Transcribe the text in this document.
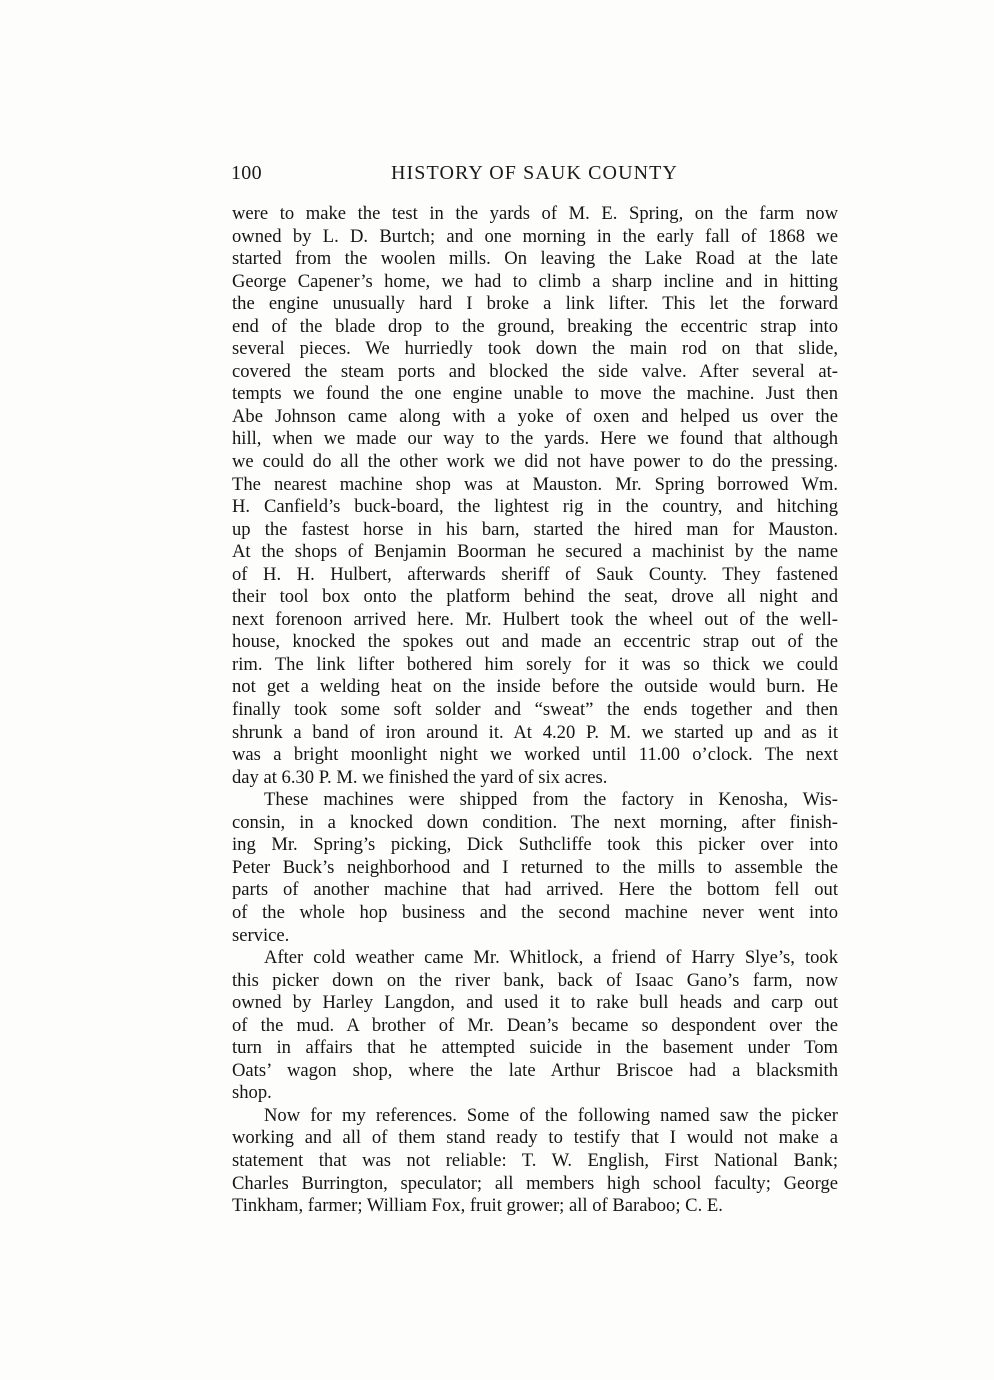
100	HISTORY OF SAUK COUNTY
were to make the test in the yards of M. E. Spring, on the farm now
owned by L. D. Burtch; and one morning in the early fall of 1868 we
started from the woolen mills. On leaving the Lake Road at the late
George Capener’s home, we had to climb a sharp incline and in hitting
the engine unusually hard I broke a link lifter. This let the forward
end of the blade drop to the ground, breaking the eccentric strap into
several pieces. We hurriedly took down the main rod on that slide,
covered the steam ports and blocked the side valve. After several at-
tempts we found the one engine unable to move the machine. Just then
Abe Johnson came along with a yoke of oxen and helped us over the
hill, when we made our way to the yards. Here we found that although
we could do all the other work we did not have power to do the pressing.
The nearest machine shop was at Mauston. Mr. Spring borrowed Wm.
H. Canfield’s buck-board, the lightest rig in the country, and hitching
up the fastest horse in his barn, started the hired man for Mauston.
At the shops of Benjamin Boorman he secured a machinist by the name
of H. H. Hulbert, afterwards sheriff of Sauk County. They fastened
their tool box onto the platform behind the seat, drove all night and
next forenoon arrived here. Mr. Hulbert took the wheel out of the well-
house, knocked the spokes out and made an eccentric strap out of the
rim. The link lifter bothered him sorely for it was so thick we could
not get a welding heat on the inside before the outside would burn. He
finally took some soft solder and “sweat” the ends together and then
shrunk a band of iron around it. At 4.20 P. M. we started up and as it
was a bright moonlight night we worked until 11.00 o’clock. The next
day at 6.30 P. M. we finished the yard of six acres.
These machines were shipped from the factory in Kenosha, Wis-
consin, in a knocked down condition. The next morning, after finish-
ing Mr. Spring’s picking, Dick Suthcliffe took this picker over into
Peter Buck’s neighborhood and I returned to the mills to assemble the
parts of another machine that had arrived. Here the bottom fell out
of the whole hop business and the second machine never went into
service.
After cold weather came Mr. Whitlock, a friend of Harry Slye’s, took
this picker down on the river bank, back of Isaac Gano’s farm, now
owned by Harley Langdon, and used it to rake bull heads and carp out
of the mud. A brother of Mr. Dean’s became so despondent over the
turn in affairs that he attempted suicide in the basement under Tom
Oats’ wagon shop, where the late Arthur Briscoe had a blacksmith
shop.
Now for my references. Some of the following named saw the picker
working and all of them stand ready to testify that I would not make a
statement that was not reliable: T. W. English, First National Bank;
Charles Burrington, speculator; all members high school faculty; George
Tinkham, farmer; William Fox, fruit grower; all of Baraboo; C. E.
